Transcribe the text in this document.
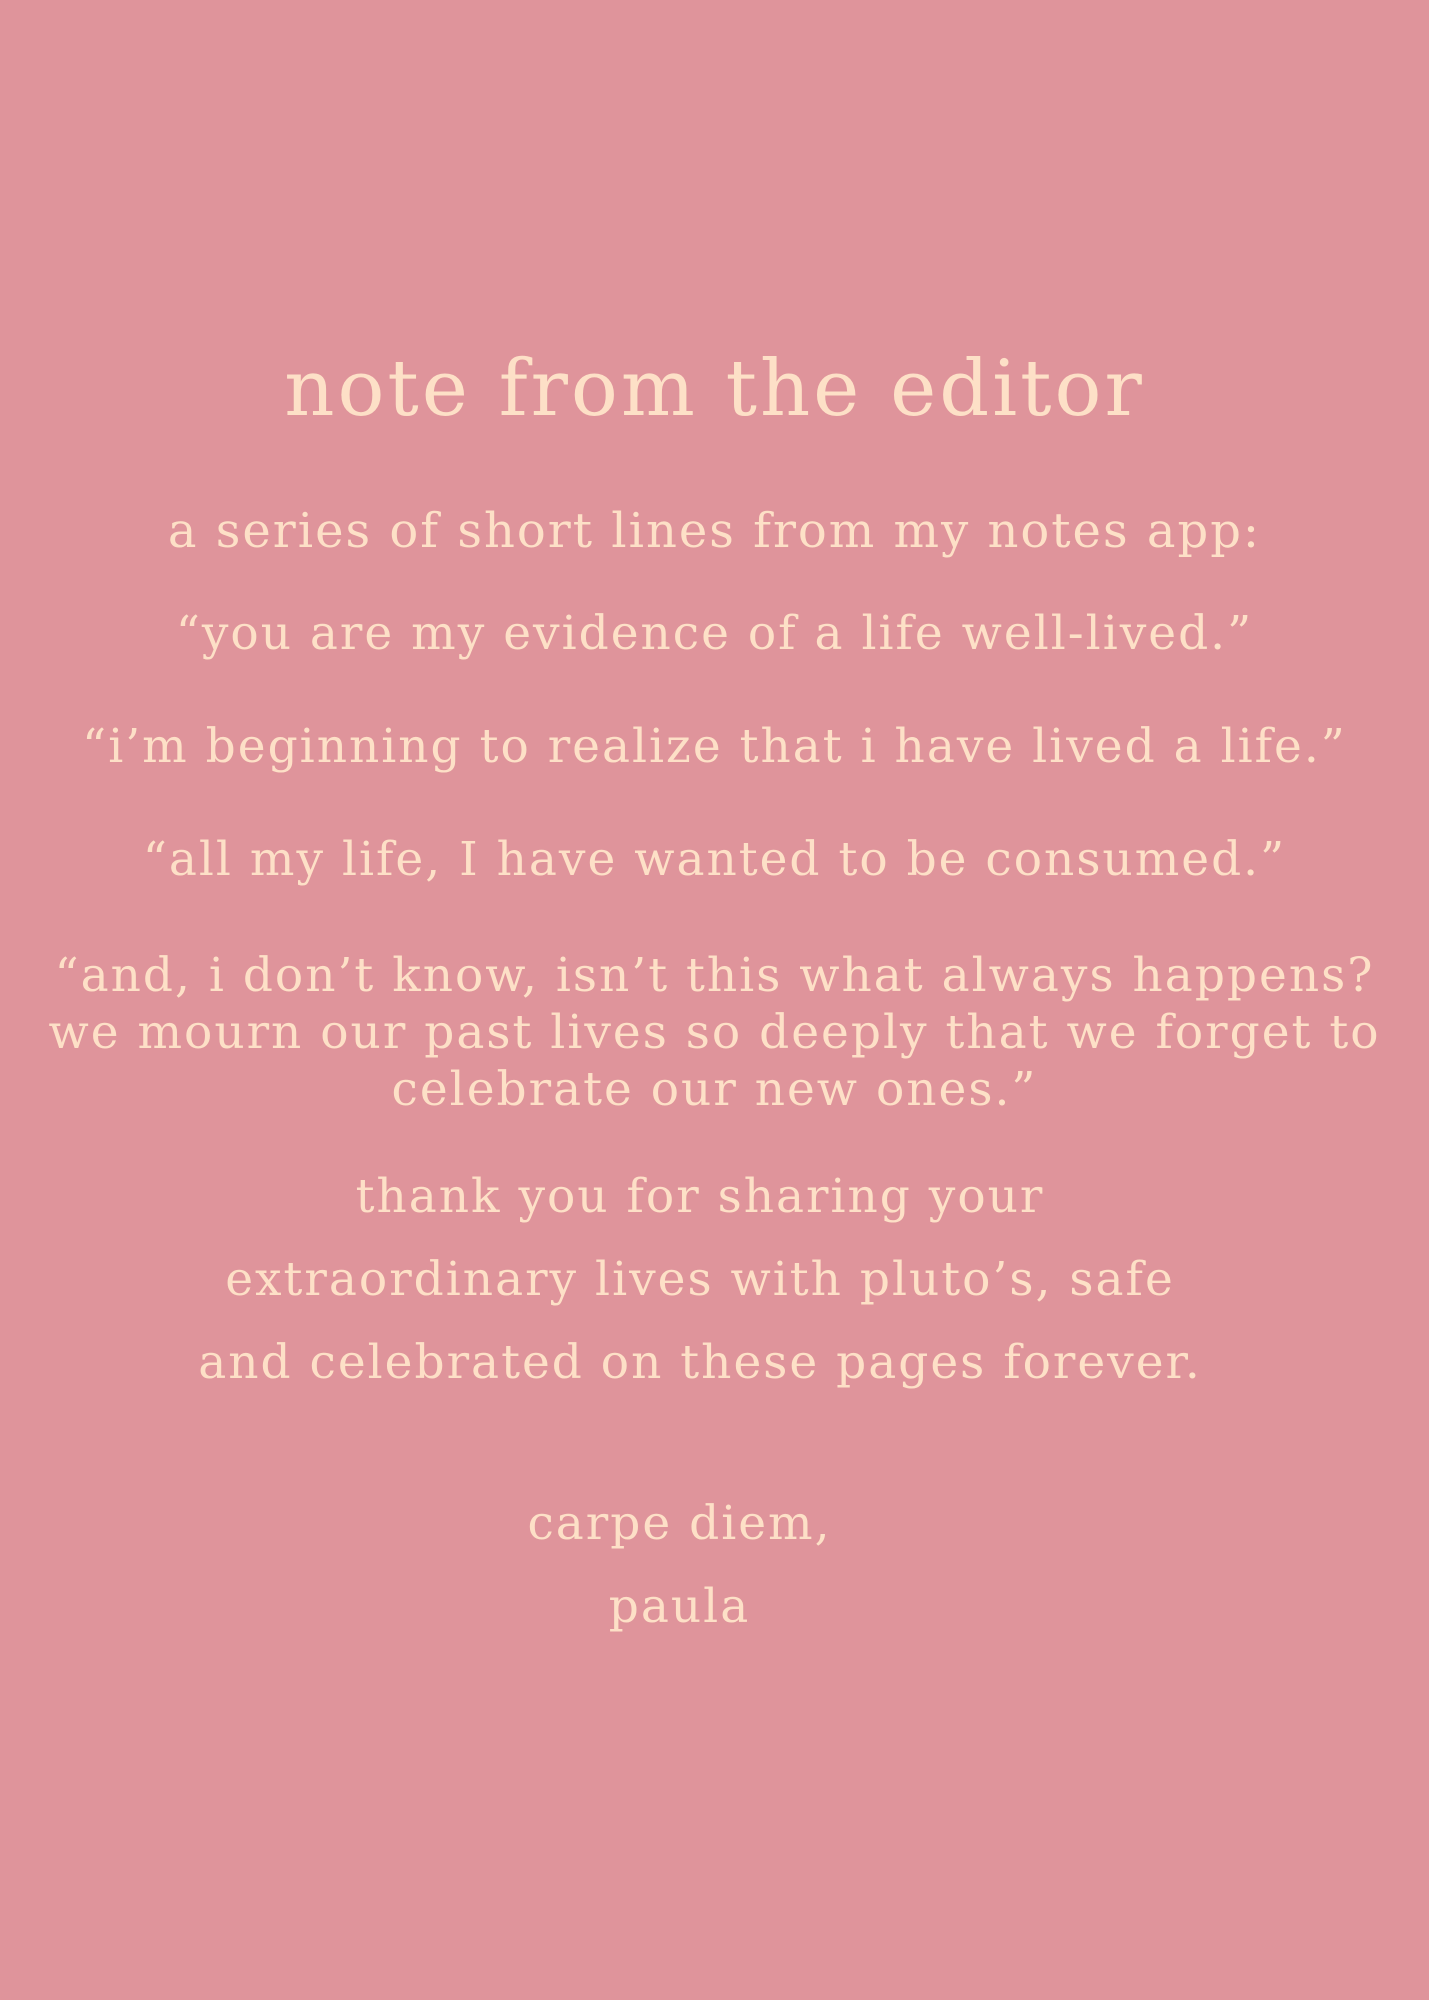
note from the editor

a series of short lines from my notes app:

“you are my evidence of a life well-lived.”

“i’m beginning to realize that i have lived a life.”

“all my life, I have wanted to be consumed.”

“and, i don’t know, isn’t this what always happens? we mourn our past lives so deeply that we forget to celebrate our new ones.”

thank you for sharing your extraordinary lives with pluto’s, safe and celebrated on these pages forever.

carpe diem,

paula
